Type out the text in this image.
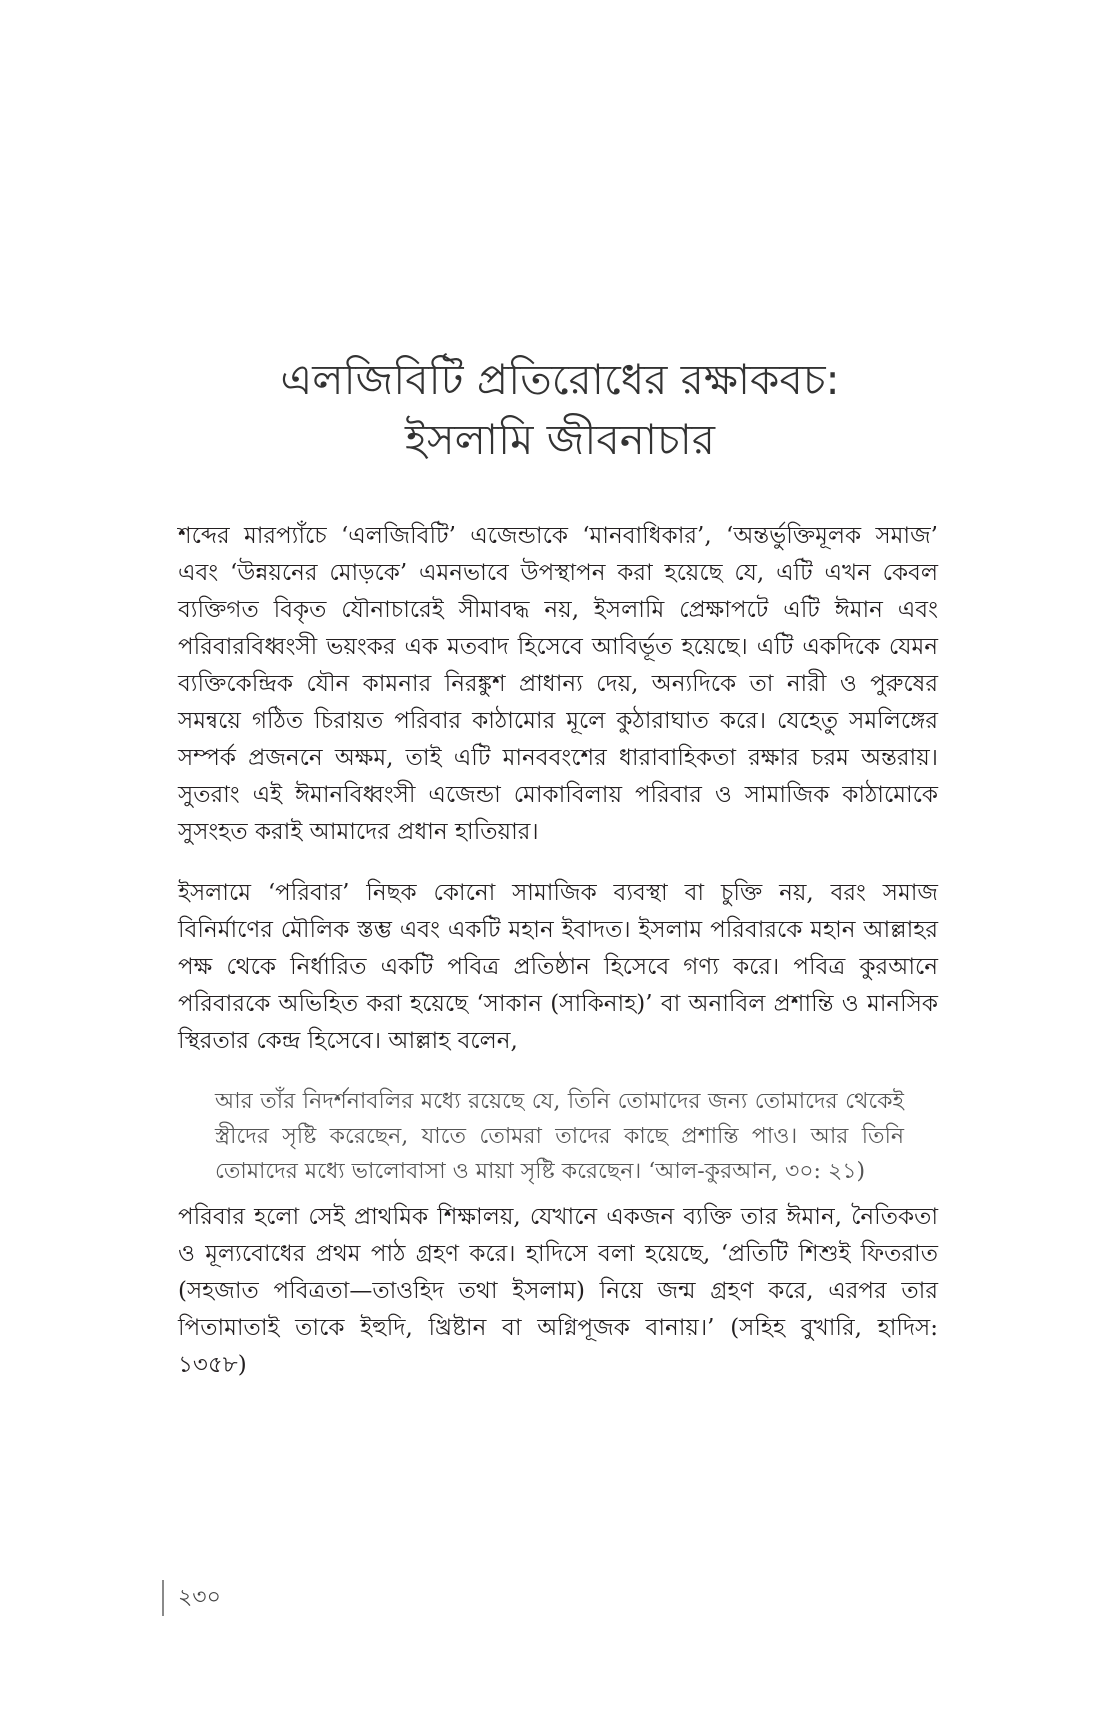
এলজিবিটি প্রতিরোধের রক্ষাকবচ:
ইসলামি জীবনাচার

শব্দের মারপ্যাঁচে ‘এলজিবিটি’ এজেন্ডাকে ‘মানবাধিকার’, ‘অন্তর্ভুক্তিমূলক সমাজ’ এবং ‘উন্নয়নের মোড়কে’ এমনভাবে উপস্থাপন করা হয়েছে যে, এটি এখন কেবল ব্যক্তিগত বিকৃত যৌনাচারেই সীমাবদ্ধ নয়, ইসলামি প্রেক্ষাপটে এটি ঈমান এবং পরিবারবিধ্বংসী ভয়ংকর এক মতবাদ হিসেবে আবির্ভূত হয়েছে। এটি একদিকে যেমন ব্যক্তিকেন্দ্রিক যৌন কামনার নিরঙ্কুশ প্রাধান্য দেয়, অন্যদিকে তা নারী ও পুরুষের সমন্বয়ে গঠিত চিরায়ত পরিবার কাঠামোর মূলে কুঠারাঘাত করে। যেহেতু সমলিঙ্গের সম্পর্ক প্রজননে অক্ষম, তাই এটি মানববংশের ধারাবাহিকতা রক্ষার চরম অন্তরায়। সুতরাং এই ঈমানবিধ্বংসী এজেন্ডা মোকাবিলায় পরিবার ও সামাজিক কাঠামোকে সুসংহত করাই আমাদের প্রধান হাতিয়ার।

ইসলামে ‘পরিবার’ নিছক কোনো সামাজিক ব্যবস্থা বা চুক্তি নয়, বরং সমাজ বিনির্মাণের মৌলিক স্তম্ভ এবং একটি মহান ইবাদত। ইসলাম পরিবারকে মহান আল্লাহর পক্ষ থেকে নির্ধারিত একটি পবিত্র প্রতিষ্ঠান হিসেবে গণ্য করে। পবিত্র কুরআনে পরিবারকে অভিহিত করা হয়েছে ‘সাকান (সাকিনাহ)’ বা অনাবিল প্রশান্তি ও মানসিক স্থিরতার কেন্দ্র হিসেবে। আল্লাহ বলেন,

আর তাঁর নিদর্শনাবলির মধ্যে রয়েছে যে, তিনি তোমাদের জন্য তোমাদের থেকেই স্ত্রীদের সৃষ্টি করেছেন, যাতে তোমরা তাদের কাছে প্রশান্তি পাও। আর তিনি তোমাদের মধ্যে ভালোবাসা ও মায়া সৃষ্টি করেছেন। ‘আল-কুরআন, ৩০: ২১)

পরিবার হলো সেই প্রাথমিক শিক্ষালয়, যেখানে একজন ব্যক্তি তার ঈমান, নৈতিকতা ও মূল্যবোধের প্রথম পাঠ গ্রহণ করে। হাদিসে বলা হয়েছে, ‘প্রতিটি শিশুই ফিতরাত (সহজাত পবিত্রতা—তাওহিদ তথা ইসলাম) নিয়ে জন্ম গ্রহণ করে, এরপর তার পিতামাতাই তাকে ইহুদি, খ্রিষ্টান বা অগ্নিপূজক বানায়।’ (সহিহ বুখারি, হাদিস: ১৩৫৮)

২৩০
